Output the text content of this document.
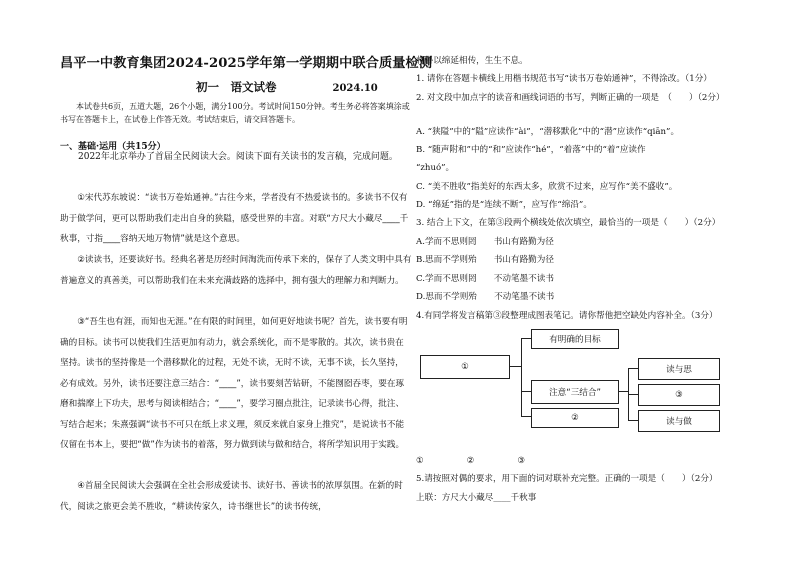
昌平一中教育集团2024-2025学年第一学期期中联合质量检测
初一　语文试卷	2024.10
本试卷共6页，五道大题，26个小题，满分100分。考试时间150分钟。考生务必将答案填涂或书写在答题卡上，在试卷上作答无效。考试结束后，请交回答题卡。
一、基础·运用（共15分）
2022年北京举办了首届全民阅读大会。阅读下面有关读书的发言稿，完成问题。
①宋代苏东坡说：“读书万卷始通神。”古往今来，学者没有不热爱读书的。多读书不仅有助于做学问，更可以帮助我们走出自身的狭隘，感受世界的丰富。对联“方尺大小藏尽____千秋事，寸指____容纳天地万物情”就是这个意思。
②读读书，还要读好书。经典名著是历经时间淘洗而传承下来的，保存了人类文明中具有普遍意义的真善美，可以帮助我们在未来充满歧路的选择中，拥有强大的理解力和判断力。
③“吾生也有涯，而知也无涯。”在有限的时间里，如何更好地读书呢？首先，读书要有明确的目标。读书可以使我们生活更加有动力，就会系统化，而不是零散的。其次，读书贵在坚持。读书的坚持像是一个潜移默化的过程，无处不读，无时不读，无事不读，长久坚持，必有成效。另外，读书还要注意三结合：“____”，读书要刻苦钻研，不能囫囵吞枣，要在琢磨和揣摩上下功夫，思考与阅读相结合；“____”，要学习圈点批注，记录读书心得，批注、写结合起来；朱熹强调“读书不可只在纸上求义理，须反来就自家身上推究”，是说读书不能仅留在书本上，要把“做”作为读书的着落，努力做到读与做和结合，将所学知识用于实践。
④首届全民阅读大会强调在全社会形成爱读书、读好书、善读书的浓厚氛围。在新的时代，阅读之旅更会美不胜收，“耕读传家久，诗书继世长”的读书传统，
将得以绵延相传，生生不息。
1. 请你在答题卡横线上用楷书规范书写“读书万卷始通神”，不得涂改。（1分）
2. 对文段中加点字的读音和画线词语的书写，判断正确的一项是　（　　）（2分）
A. “狭隘”中的“隘”应读作“ài”，“潜移默化”中的“潜”应读作“qiān”。
B. “随声附和”中的“和”应读作“hé”，“着落”中的“着”应读作
“zhuó”。
C. “美不胜收”指美好的东西太多，欣赏不过来，应写作“美不盛收”。
D. “绵延”指的是“连续不断”，应写作“绵沿”。
3. 结合上下文，在第③段两个横线处依次填空，最恰当的一项是（　　）（2分）
A.学而不思则罔　　书山有路勤为径
B.思而不学则殆　　书山有路勤为径
C.学而不思则罔　　不动笔墨不读书
D.思而不学则殆　　不动笔墨不读书
4.有同学将发言稿第③段整理成图表笔记。请你帮他把空缺处内容补全。（3分）
①
有明确的目标
注意“三结合”
②
读与思
③
读与做
①　　　　　②　　　　　③　　　　
5.请按照对偶的要求，用下面的词对联补充完整。正确的一项是（　　）（2分）
上联：方尺大小藏尽____千秋事
